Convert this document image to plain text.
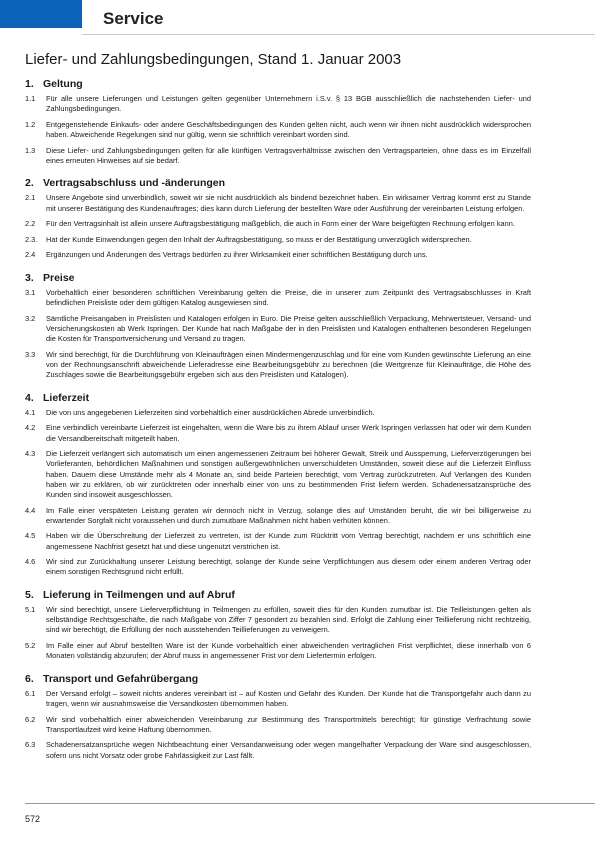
Service
Liefer- und Zahlungsbedingungen, Stand 1. Januar 2003
1. Geltung
1.1	Für alle unsere Lieferungen und Leistungen gelten gegenüber Unternehmern i.S.v. § 13 BGB ausschließlich die nachstehenden Liefer- und Zahlungsbedingungen.
1.2	Entgegenstehende Einkaufs- oder andere Geschäftsbedingungen des Kunden gelten nicht, auch wenn wir ihnen nicht ausdrücklich widersprochen haben. Abweichende Regelungen sind nur gültig, wenn sie schriftlich vereinbart worden sind.
1.3	Diese Liefer- und Zahlungsbedingungen gelten für alle künftigen Vertragsverhältnisse zwischen den Vertragsparteien, ohne dass es im Einzelfall eines erneuten Hinweises auf sie bedarf.
2. Vertragsabschluss und -änderungen
2.1	Unsere Angebote sind unverbindlich, soweit wir sie nicht ausdrücklich als bindend bezeichnet haben. Ein wirksamer Vertrag kommt erst zu Stande mit unserer Bestätigung des Kundenauftrages; dies kann durch Lieferung der bestellten Ware oder Ausführung der vereinbarten Leistung erfolgen.
2.2	Für den Vertragsinhalt ist allein unsere Auftragsbestätigung maßgeblich, die auch in Form einer der Ware beigefügten Rechnung erfolgen kann.
2.3.	Hat der Kunde Einwendungen gegen den Inhalt der Auftragsbestätigung, so muss er der Bestätigung unverzüglich widersprechen.
2.4	Ergänzungen und Änderungen des Vertrags bedürfen zu ihrer Wirksamkeit einer schriftlichen Bestätigung durch uns.
3. Preise
3.1	Vorbehaltlich einer besonderen schriftlichen Vereinbarung gelten die Preise, die in unserer zum Zeitpunkt des Vertragsabschlusses in Kraft befindlichen Preisliste oder dem gültigen Katalog ausgewiesen sind.
3.2	Sämtliche Preisangaben in Preislisten und Katalogen erfolgen in Euro. Die Preise gelten ausschließlich Verpackung, Mehrwertsteuer, Versand- und Versicherungskosten ab Werk Ispringen. Der Kunde hat nach Maßgabe der in den Preislisten und Katalogen enthaltenen besonderen Regelungen die Kosten für Transportversicherung und Versand zu tragen.
3.3	Wir sind berechtigt, für die Durchführung von Kleinaufträgen einen Mindermengenzuschlag und für eine vom Kunden gewünschte Lieferung an eine von der Rechnungsanschrift abweichende Lieferadresse eine Bearbeitungsgebühr zu berechnen (die Wertgrenze für Kleinaufträge, die Höhe des Zuschlages sowie die Bearbeitungsgebühr ergeben sich aus den Preislisten und Katalogen).
4. Lieferzeit
4.1	Die von uns angegebenen Lieferzeiten sind vorbehaltlich einer ausdrücklichen Abrede unverbindlich.
4.2	Eine verbindlich vereinbarte Lieferzeit ist eingehalten, wenn die Ware bis zu ihrem Ablauf unser Werk Ispringen verlassen hat oder wir dem Kunden die Versandbereitschaft mitgeteilt haben.
4.3	Die Lieferzeit verlängert sich automatisch um einen angemessenen Zeitraum bei höherer Gewalt, Streik und Aussperrung, Lieferverzögerungen bei Vorlieferanten, behördlichen Maßnahmen und sonstigen außergewöhnlichen unverschuldeten Umständen, soweit diese auf die Lieferzeit Einfluss haben. Dauern diese Umstände mehr als 4 Monate an, sind beide Parteien berechtigt, vom Vertrag zurückzutreten. Auf Verlangen des Kunden haben wir zu erklären, ob wir zurücktreten oder innerhalb einer von uns zu bestimmenden Frist liefern werden. Schadenersatzansprüche des Kunden sind insoweit ausgeschlossen.
4.4	Im Falle einer verspäteten Leistung geraten wir dennoch nicht in Verzug, solange dies auf Umständen beruht, die wir bei billigerweise zu erwartender Sorgfalt nicht voraussehen und durch zumutbare Maßnahmen nicht haben verhüten können.
4.5	Haben wir die Überschreitung der Lieferzeit zu vertreten, ist der Kunde zum Rücktritt vom Vertrag berechtigt, nachdem er uns schriftlich eine angemessene Nachfrist gesetzt hat und diese ungenutzt verstrichen ist.
4.6	Wir sind zur Zurückhaltung unserer Leistung berechtigt, solange der Kunde seine Verpflichtungen aus diesem oder einem anderen Vertrag oder einem sonstigen Rechtsgrund nicht erfüllt.
5. Lieferung in Teilmengen und auf Abruf
5.1	Wir sind berechtigt, unsere Lieferverpflichtung in Teilmengen zu erfüllen, soweit dies für den Kunden zumutbar ist. Die Teilleistungen gelten als selbständige Rechtsgeschäfte, die nach Maßgabe von Ziffer 7 gesondert zu bezahlen sind. Erfolgt die Zahlung einer Teillieferung nicht rechtzeitig, sind wir berechtigt, die Erfüllung der noch ausstehenden Teillieferungen zu verweigern.
5.2	Im Falle einer auf Abruf bestellten Ware ist der Kunde vorbehaltlich einer abweichenden vertraglichen Frist verpflichtet, diese innerhalb von 6 Monaten vollständig abzurufen; der Abruf muss in angemessener Frist vor dem Liefertermin erfolgen.
6. Transport und Gefahrübergang
6.1	Der Versand erfolgt – soweit nichts anderes vereinbart ist – auf Kosten und Gefahr des Kunden. Der Kunde hat die Transportgefahr auch dann zu tragen, wenn wir ausnahmsweise die Versandkosten übernommen haben.
6.2	Wir sind vorbehaltlich einer abweichenden Vereinbarung zur Bestimmung des Transportmittels berechtigt; für günstige Verfrachtung sowie Transportlaufzeit wird keine Haftung übernommen.
6.3	Schadenersatzansprüche wegen Nichtbeachtung einer Versandanweisung oder wegen mangelhafter Verpackung der Ware sind ausgeschlossen, sofern uns nicht Vorsatz oder grobe Fahrlässigkeit zur Last fällt.
572
